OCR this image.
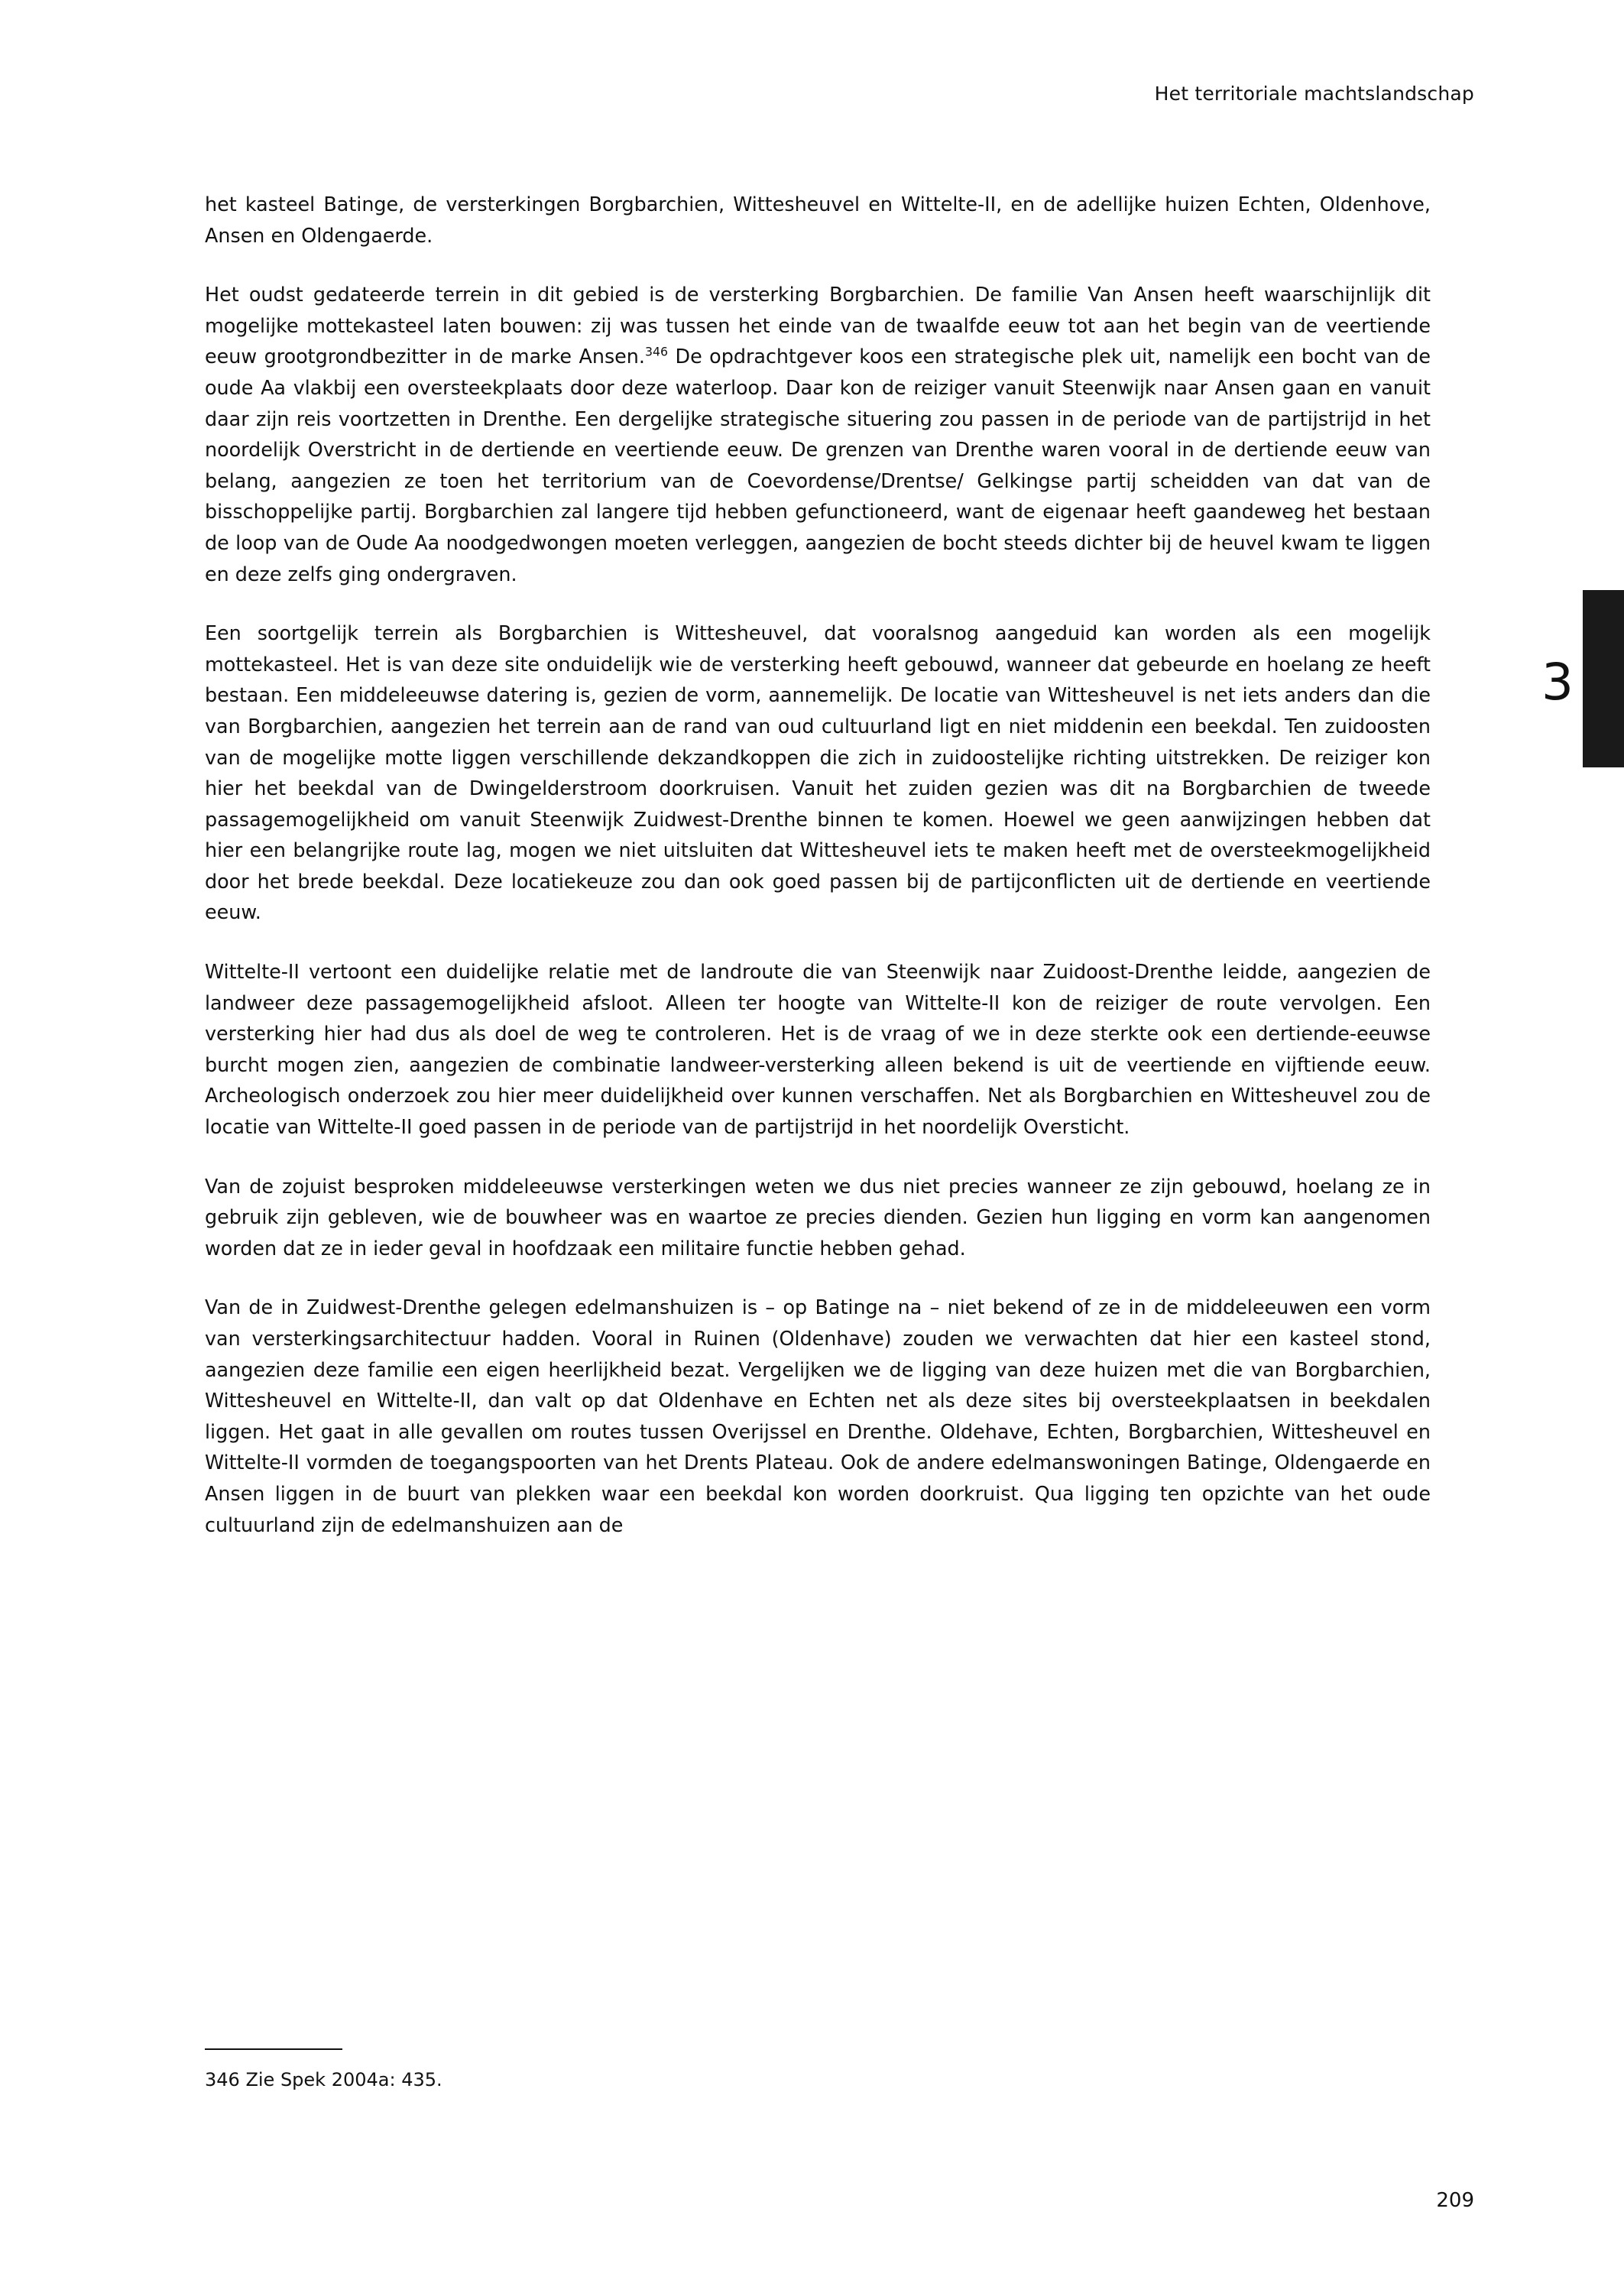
Het territoriale machtslandschap
3

het kasteel Batinge, de versterkingen Borgbarchien, Wittesheuvel en Wittelte-II, en de adellijke huizen Echten, Oldenhove, Ansen en Oldengaerde.

Het oudst gedateerde terrein in dit gebied is de versterking Borgbarchien. De familie Van Ansen heeft waarschijnlijk dit mogelijke mottekasteel laten bouwen: zij was tussen het einde van de twaalfde eeuw tot aan het begin van de veertiende eeuw grootgrondbezitter in de marke Ansen.$^{346}$ De opdrachtgever koos een strategische plek uit, namelijk een bocht van de oude Aa vlakbij een oversteekplaats door deze waterloop. Daar kon de reiziger vanuit Steenwijk naar Ansen gaan en vanuit daar zijn reis voortzetten in Drenthe. Een dergelijke strategische situering zou passen in de periode van de partijstrijd in het noordelijk Overstricht in de dertiende en veertiende eeuw. De grenzen van Drenthe waren vooral in de dertiende eeuw van belang, aangezien ze toen het territorium van de Coevordense/Drentse/ Gelkingse partij scheidden van dat van de bisschoppelijke partij. Borgbarchien zal langere tijd hebben gefunctioneerd, want de eigenaar heeft gaandeweg het bestaan de loop van de Oude Aa noodgedwongen moeten verleggen, aangezien de bocht steeds dichter bij de heuvel kwam te liggen en deze zelfs ging ondergraven.

Een soortgelijk terrein als Borgbarchien is Wittesheuvel, dat vooralsnog aangeduid kan worden als een mogelijk mottekasteel. Het is van deze site onduidelijk wie de versterking heeft gebouwd, wanneer dat gebeurde en hoelang ze heeft bestaan. Een middeleeuwse datering is, gezien de vorm, aannemelijk. De locatie van Wittesheuvel is net iets anders dan die van Borgbarchien, aangezien het terrein aan de rand van oud cultuurland ligt en niet middenin een beekdal. Ten zuidoosten van de mogelijke motte liggen verschillende dekzandkoppen die zich in zuidoostelijke richting uitstrekken. De reiziger kon hier het beekdal van de Dwingelderstroom doorkruisen. Vanuit het zuiden gezien was dit na Borgbarchien de tweede passagemogelijkheid om vanuit Steenwijk Zuidwest-Drenthe binnen te komen. Hoewel we geen aanwijzingen hebben dat hier een belangrijke route lag, mogen we niet uitsluiten dat Wittesheuvel iets te maken heeft met de oversteekmogelijkheid door het brede beekdal. Deze locatiekeuze zou dan ook goed passen bij de partijconflicten uit de dertiende en veertiende eeuw.

Wittelte-II vertoont een duidelijke relatie met de landroute die van Steenwijk naar Zuidoost-Drenthe leidde, aangezien de landweer deze passagemogelijkheid afsloot. Alleen ter hoogte van Wittelte-II kon de reiziger de route vervolgen. Een versterking hier had dus als doel de weg te controleren. Het is de vraag of we in deze sterkte ook een dertiende-eeuwse burcht mogen zien, aangezien de combinatie landweer-versterking alleen bekend is uit de veertiende en vijftiende eeuw. Archeologisch onderzoek zou hier meer duidelijkheid over kunnen verschaffen. Net als Borgbarchien en Wittesheuvel zou de locatie van Wittelte-II goed passen in de periode van de partijstrijd in het noordelijk Oversticht.

Van de zojuist besproken middeleeuwse versterkingen weten we dus niet precies wanneer ze zijn gebouwd, hoelang ze in gebruik zijn gebleven, wie de bouwheer was en waartoe ze precies dienden. Gezien hun ligging en vorm kan aangenomen worden dat ze in ieder geval in hoofdzaak een militaire functie hebben gehad.

Van de in Zuidwest-Drenthe gelegen edelmanshuizen is – op Batinge na – niet bekend of ze in de middeleeuwen een vorm van versterkingsarchitectuur hadden. Vooral in Ruinen (Oldenhave) zouden we verwachten dat hier een kasteel stond, aangezien deze familie een eigen heerlijkheid bezat. Vergelijken we de ligging van deze huizen met die van Borgbarchien, Wittesheuvel en Wittelte-II, dan valt op dat Oldenhave en Echten net als deze sites bij oversteekplaatsen in beekdalen liggen. Het gaat in alle gevallen om routes tussen Overijssel en Drenthe. Oldehave, Echten, Borgbarchien, Wittesheuvel en Wittelte-II vormden de toegangspoorten van het Drents Plateau. Ook de andere edelmanswoningen Batinge, Oldengaerde en Ansen liggen in de buurt van plekken waar een beekdal kon worden doorkruist. Qua ligging ten opzichte van het oude cultuurland zijn de edelmanshuizen aan de

346 Zie Spek 2004a: 435.
209
